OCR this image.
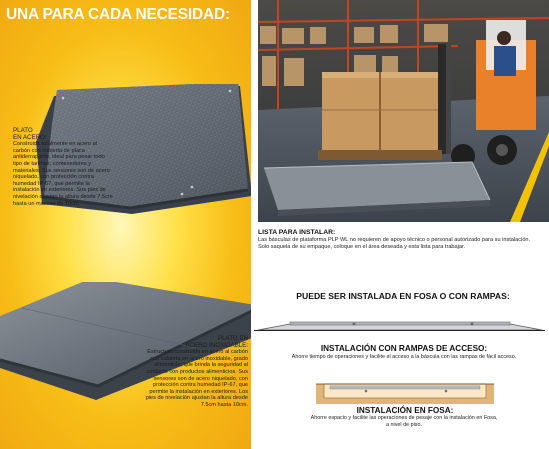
UNA PARA CADA NECESIDAD:
PLATO
EN ACERO:
Construida totalmente en acero al carbón con cubierta de placa antiderrapante, ideal para pesar todo tipo de tarimas, contenedores y materiales. Sus sensores son de acero niquelado, con protección contra humedad IP-67, que permite la instalación en exteriores. Sus pies de nivelación ajustan la altura desde 7.5cm hasta un máximo de 10cm.
PLATO EN
ACERO INOXIDABLE:
Estructura construida en acero al carbón con cubierta en acero inoxidable, grado alimenticio; que brinda la seguridad al contacto con productos alimenticios. Sus sensores son de acero niquelado, con protección contra humedad IP-67, que permite la instalación en exteriores. Los pies de nivelación ajustan la altura desde 7.5cm hasta 10cm.
LISTA PARA INSTALAR:
Las básculas de plataforma PLP WL no requieren de apoyo técnico o personal autorizado para su instalación. Solo saquela de su empaque, coloque en el área deseada y esta lista para trabajar.
PUEDE SER INSTALADA EN FOSA O CON RAMPAS:
INSTALACIÓN CON RAMPAS DE ACCESO:
Ahorre tiempo de operaciones y facilite el acceso a la báscula con las rampas de fácil acceso.
INSTALACIÓN EN FOSA:
Ahorre espacio y facilite las operaciones de pesaje con la instalación en Fosa,
a nivel de piso.
